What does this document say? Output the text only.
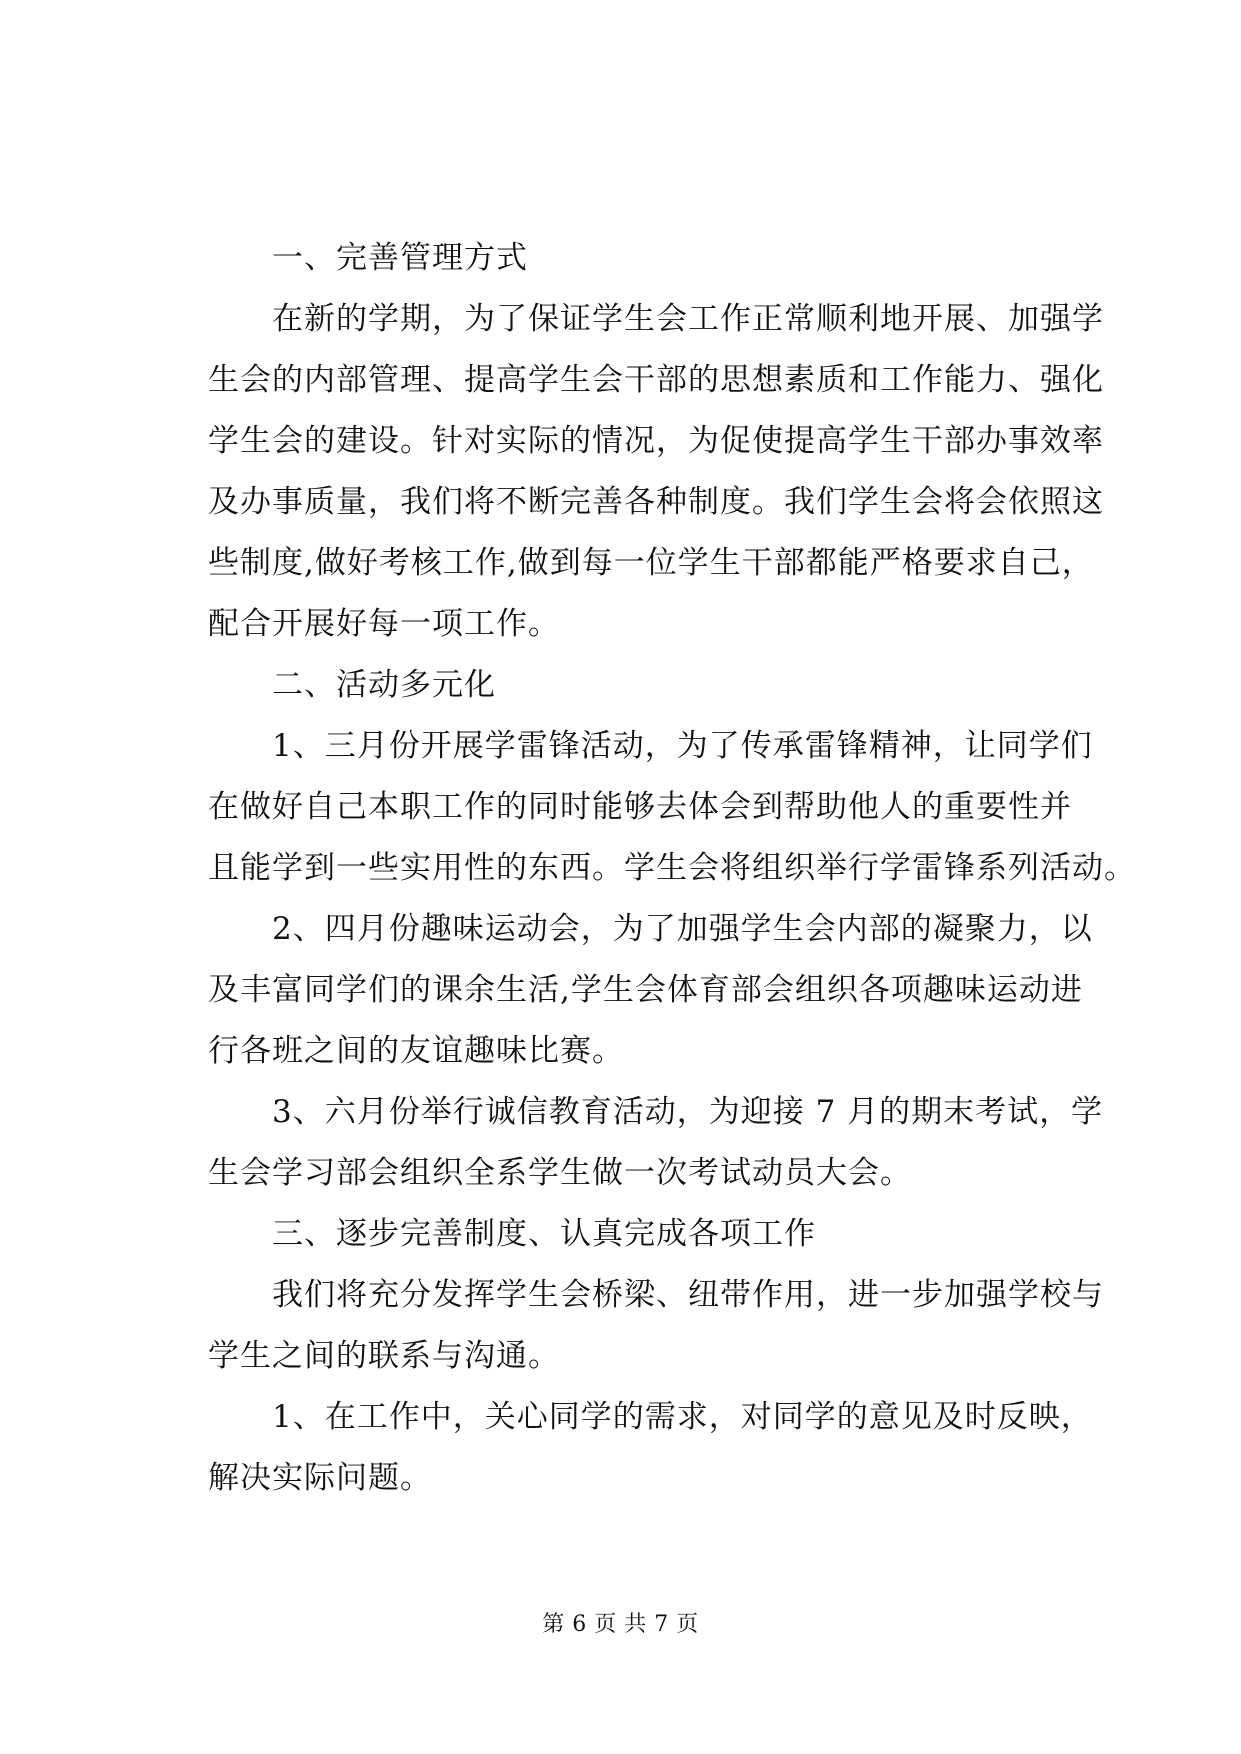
一、完善管理方式

在新的学期，为了保证学生会工作正常顺利地开展、加强学
生会的内部管理、提高学生会干部的思想素质和工作能力、强化
学生会的建设。针对实际的情况，为促使提高学生干部办事效率
及办事质量，我们将不断完善各种制度。我们学生会将会依照这
些制度,做好考核工作,做到每一位学生干部都能严格要求自己，
配合开展好每一项工作。

二、活动多元化

1、三月份开展学雷锋活动，为了传承雷锋精神，让同学们
在做好自己本职工作的同时能够去体会到帮助他人的重要性并
且能学到一些实用性的东西。学生会将组织举行学雷锋系列活动。

2、四月份趣味运动会，为了加强学生会内部的凝聚力，以
及丰富同学们的课余生活,学生会体育部会组织各项趣味运动进
行各班之间的友谊趣味比赛。

3、六月份举行诚信教育活动，为迎接 7 月的期末考试，学
生会学习部会组织全系学生做一次考试动员大会。

三、逐步完善制度、认真完成各项工作

我们将充分发挥学生会桥梁、纽带作用，进一步加强学校与
学生之间的联系与沟通。

1、在工作中，关心同学的需求，对同学的意见及时反映，
解决实际问题。

第 6 页 共 7 页
